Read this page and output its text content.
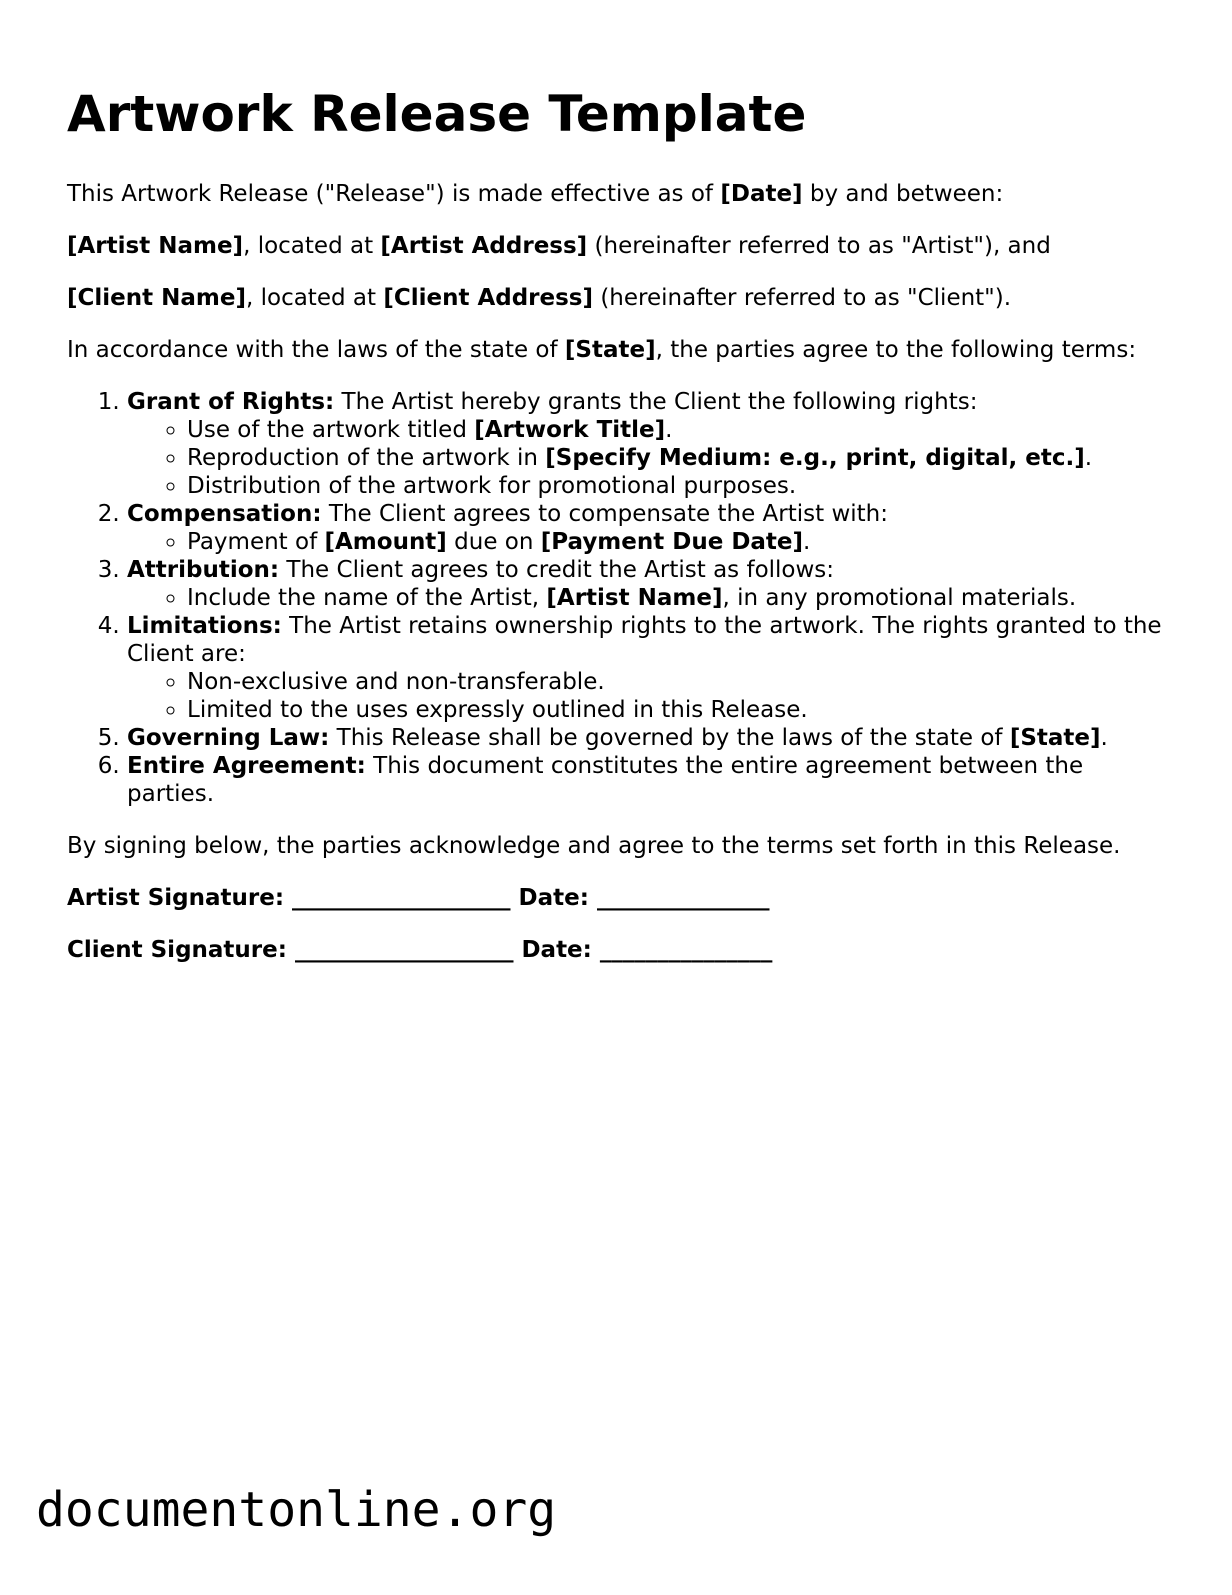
Artwork Release Template

This Artwork Release ("Release") is made effective as of [Date] by and between:

[Artist Name], located at [Artist Address] (hereinafter referred to as "Artist"), and

[Client Name], located at [Client Address] (hereinafter referred to as "Client").

In accordance with the laws of the state of [State], the parties agree to the following terms:

1. Grant of Rights: The Artist hereby grants the Client the following rights:
◦ Use of the artwork titled [Artwork Title].
◦ Reproduction of the artwork in [Specify Medium: e.g., print, digital, etc.].
◦ Distribution of the artwork for promotional purposes.
2. Compensation: The Client agrees to compensate the Artist with:
◦ Payment of [Amount] due on [Payment Due Date].
3. Attribution: The Client agrees to credit the Artist as follows:
◦ Include the name of the Artist, [Artist Name], in any promotional materials.
4. Limitations: The Artist retains ownership rights to the artwork. The rights granted to the Client are:
◦ Non-exclusive and non-transferable.
◦ Limited to the uses expressly outlined in this Release.
5. Governing Law: This Release shall be governed by the laws of the state of [State].
6. Entire Agreement: This document constitutes the entire agreement between the parties.

By signing below, the parties acknowledge and agree to the terms set forth in this Release.

Artist Signature: ___________________ Date: _______________

Client Signature: ___________________ Date: _______________

documentonline.org
